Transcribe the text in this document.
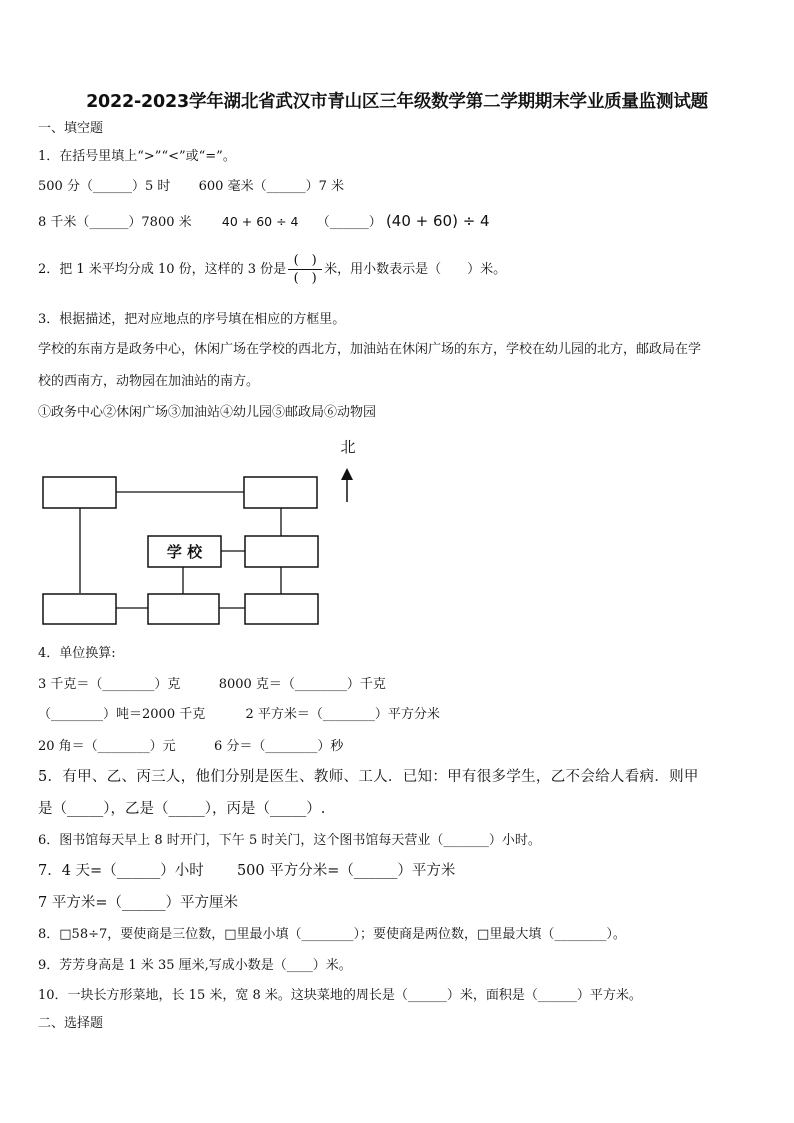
2022-2023学年湖北省武汉市青山区三年级数学第二学期期末学业质量监测试题
一、填空题
1．在括号里填上“>”“<”或“=”。
500 分（______）5 时 600 毫米（______）7 米
8 千米（______）7800 米 40 + 60 ÷ 4 （______） (40 + 60) ÷ 4
2．把 1 米平均分成 10 份，这样的 3 份是 $\frac{( )}{( )}$ 米，用小数表示是（　　）米。
3．根据描述，把对应地点的序号填在相应的方框里。
学校的东南方是政务中心，休闲广场在学校的西北方，加油站在休闲广场的东方，学校在幼儿园的北方，邮政局在学
校的西南方，动物园在加油站的南方。
①政务中心②休闲广场③加油站④幼儿园⑤邮政局⑥动物园
学 校
北
4．单位换算:
3 千克＝（________）克	8000 克＝（________）千克
（________）吨＝2000 千克	2 平方米＝（________）平方分米
20 角＝（________）元	6 分＝（________）秒
5．有甲、乙、丙三人，他们分别是医生、教师、工人．已知：甲有很多学生，乙不会给人看病．则甲
是（_____），乙是（_____），丙是（_____）.
6．图书馆每天早上 8 时开门，下午 5 时关门，这个图书馆每天营业（_______）小时。
7．4 天=（______）小时 500 平方分米=（______）平方米
7 平方米=（______）平方厘米
8．□58÷7，要使商是三位数，□里最小填（________）；要使商是两位数，□里最大填（________）。
9．芳芳身高是 1 米 35 厘米,写成小数是（____）米。
10．一块长方形菜地，长 15 米，宽 8 米。这块菜地的周长是（______）米，面积是（______）平方米。
二、选择题
